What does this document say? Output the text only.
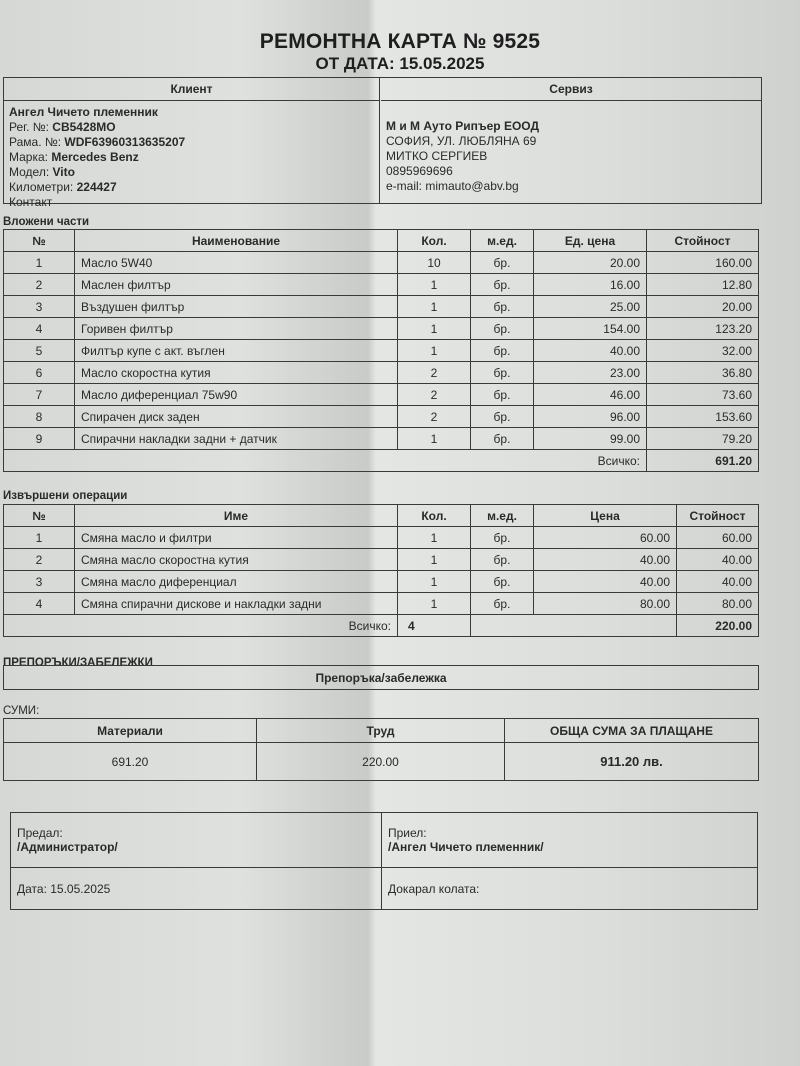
РЕМОНТНА КАРТА № 9525
ОТ ДАТА: 15.05.2025
Клиент
Ангел Чичето племенник
Рег. №: CB5428MO
Рама. №: WDF63960313635207
Марка: Mercedes Benz
Модел: Vito
Километри: 224427
Контакт
Сервиз
М и М Ауто Рипъер ЕООД
СОФИЯ, УЛ. ЛЮБЛЯНА 69
МИТКО СЕРГИЕВ
0895969696
e-mail: mimauto@abv.bg
Вложени части
№	Наименование	Кол.	м.ед.	Ед. цена	Стойност
1	Масло 5W40	10	бр.	20.00	160.00
2	Маслен филтър	1	бр.	16.00	12.80
3	Въздушен филтър	1	бр.	25.00	20.00
4	Горивен филтър	1	бр.	154.00	123.20
5	Филтър купе с акт. въглен	1	бр.	40.00	32.00
6	Масло скоростна кутия	2	бр.	23.00	36.80
7	Масло диференциал 75w90	2	бр.	46.00	73.60
8	Спирачен диск заден	2	бр.	96.00	153.60
9	Спирачни накладки задни + датчик	1	бр.	99.00	79.20
Всичко:					691.20
Извършени операции
№	Име	Кол.	м.ед.	Цена	Стойност
1	Смяна масло и филтри	1	бр.	60.00	60.00
2	Смяна масло скоростна кутия	1	бр.	40.00	40.00
3	Смяна масло диференциал	1	бр.	40.00	40.00
4	Смяна спирачни дискове и накладки задни	1	бр.	80.00	80.00
Всичко:		4			220.00
ПРЕПОРЪКИ/ЗАБЕЛЕЖКИ
Препоръка/забележка
СУМИ:
Материали	Труд	ОБЩА СУМА ЗА ПЛАЩАНЕ
691.20	220.00	911.20 лв.
Предал:
/Администратор/

Приел:
/Ангел Чичето племенник/

Дата: 15.05.2025	Докарал колата:
